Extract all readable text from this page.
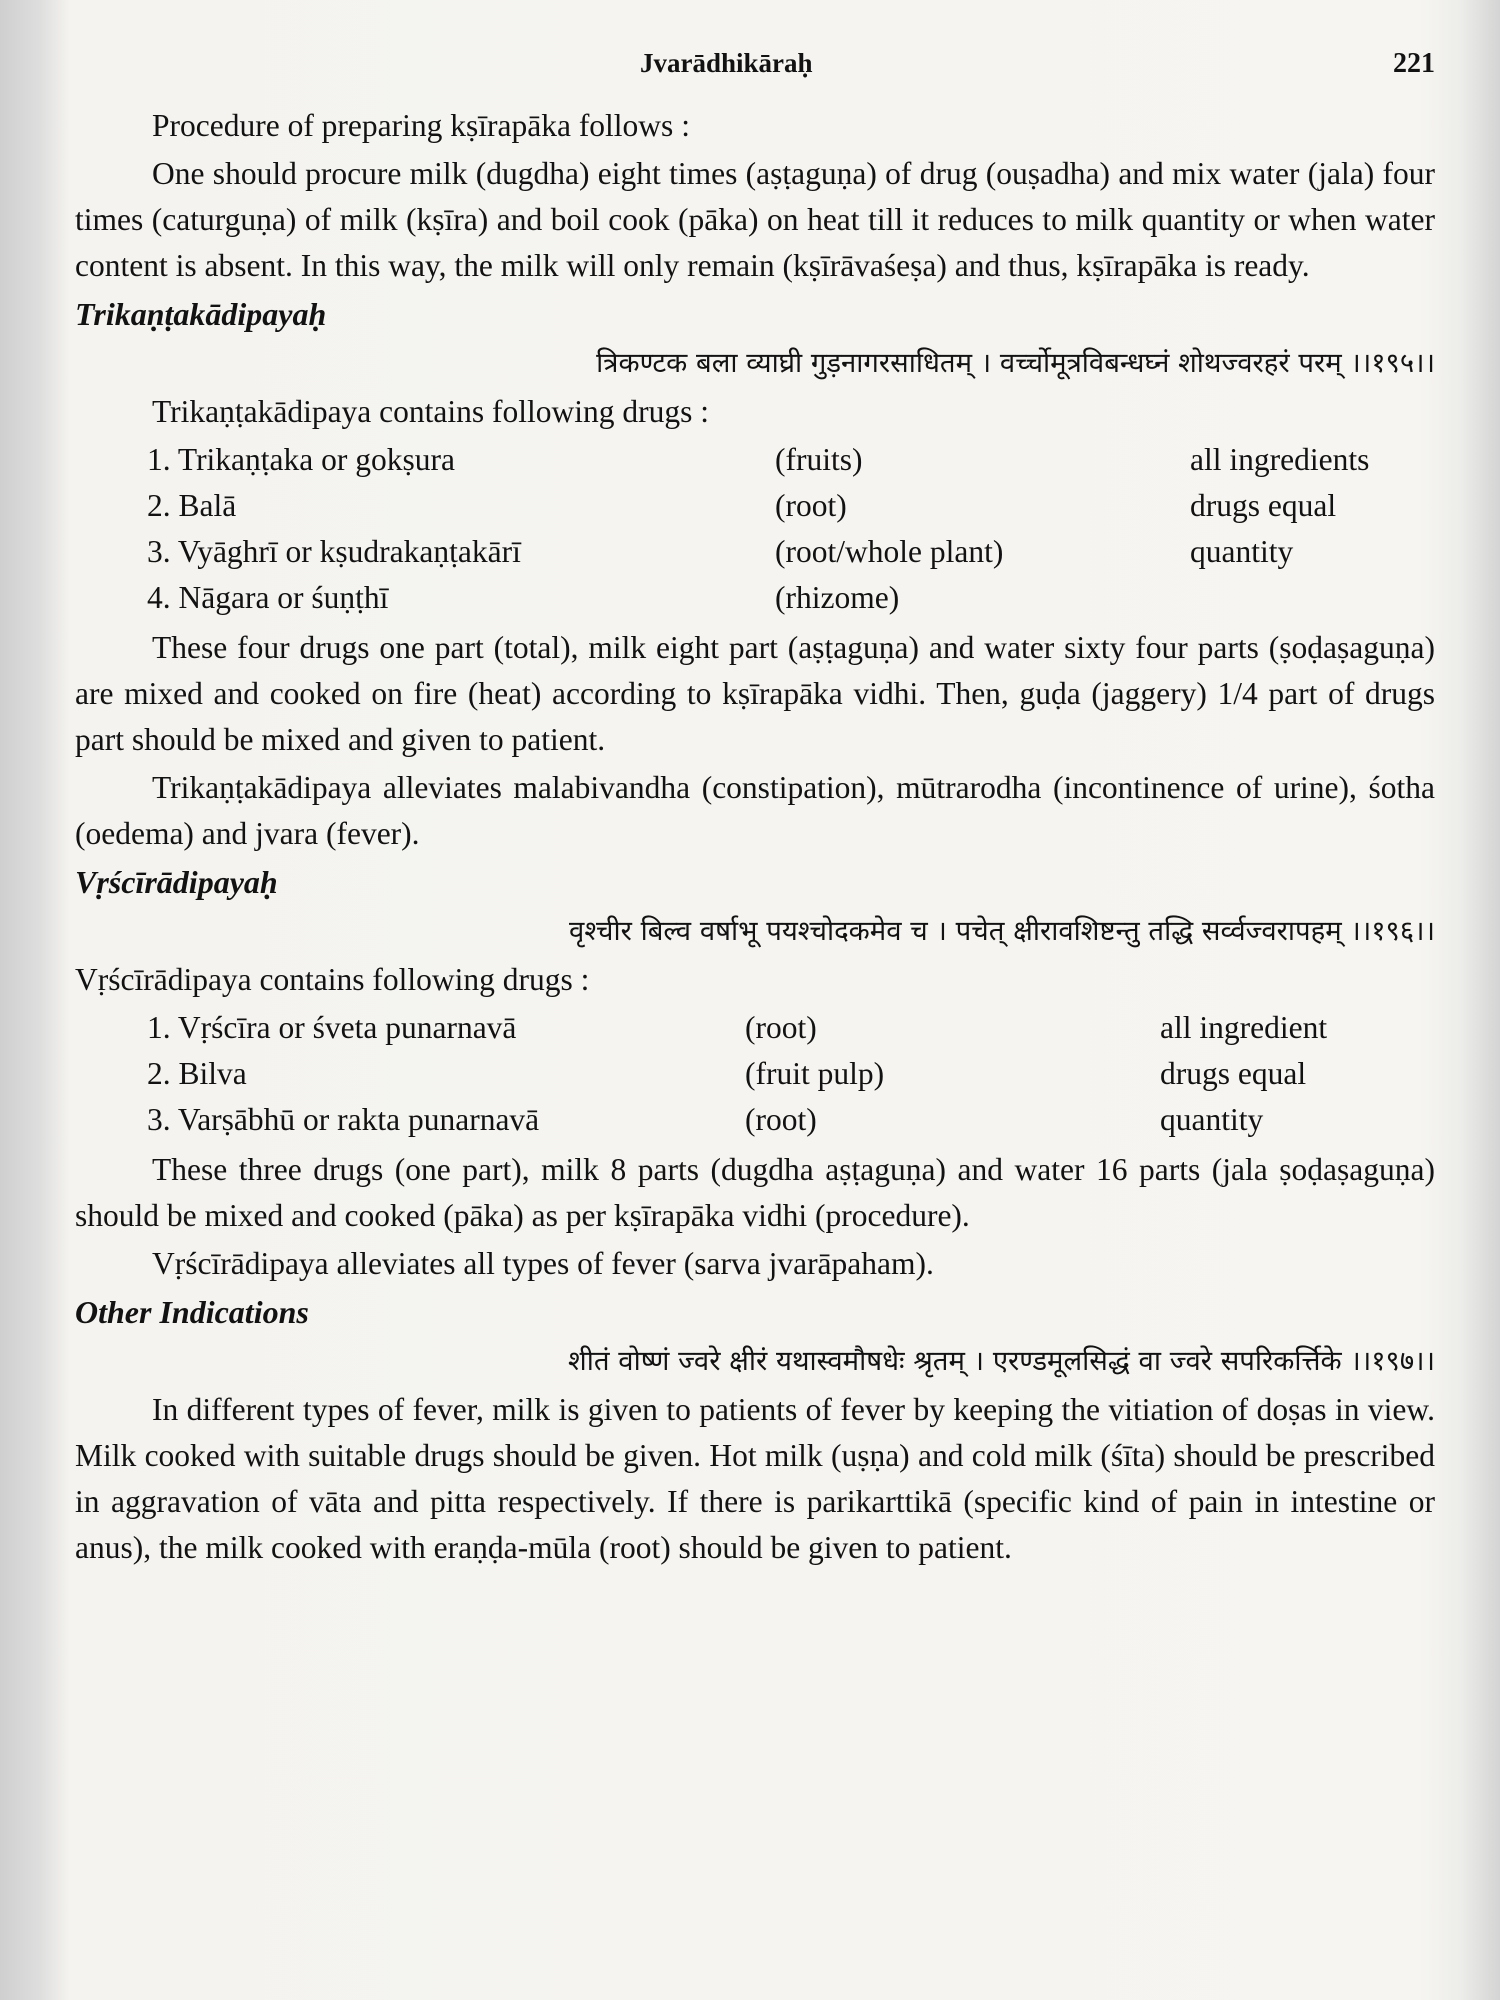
Jvarādhikāraḥ	221

Procedure of preparing kṣīrapāka follows :

One should procure milk (dugdha) eight times (aṣṭaguṇa) of drug (ouṣadha) and mix water (jala) four times (caturguṇa) of milk (kṣīra) and boil cook (pāka) on heat till it reduces to milk quantity or when water content is absent. In this way, the milk will only remain (kṣīrāvaśeṣa) and thus, kṣīrapāka is ready.

Trikaṇṭakādipayaḥ
त्रिकण्टक बला व्याघ्री गुड़नागरसाधितम् । वर्च्चोमूत्रविबन्धघ्नं शोथज्वरहरं परम् ।।१९५।।

Trikaṇṭakādipaya contains following drugs :

1. Trikaṇṭaka or gokṣura	(fruits)	all ingredients
2. Balā	(root)	drugs equal
3. Vyāghrī or kṣudrakaṇṭakārī	(root/whole plant)	quantity
4. Nāgara or śuṇṭhī	(rhizome)

These four drugs one part (total), milk eight part (aṣṭaguṇa) and water sixty four parts (ṣoḍaṣaguṇa) are mixed and cooked on fire (heat) according to kṣīrapāka vidhi. Then, guḍa (jaggery) 1/4 part of drugs part should be mixed and given to patient.

Trikaṇṭakādipaya alleviates malabivandha (constipation), mūtrarodha (incontinence of urine), śotha (oedema) and jvara (fever).

Vṛścīrādipayaḥ
वृश्चीर बिल्व वर्षाभू पयश्चोदकमेव च । पचेत् क्षीरावशिष्टन्तु तद्धि सर्व्वज्वरापहम् ।।१९६।।

Vṛścīrādipaya contains following drugs :

1. Vṛścīra or śveta punarnavā	(root)	all ingredient
2. Bilva	(fruit pulp)	drugs equal
3. Varṣābhū or rakta punarnavā	(root)	quantity

These three drugs (one part), milk 8 parts (dugdha aṣṭaguṇa) and water 16 parts (jala ṣoḍaṣaguṇa) should be mixed and cooked (pāka) as per kṣīrapāka vidhi (procedure).

Vṛścīrādipaya alleviates all types of fever (sarva jvarāpaham).

Other Indications
शीतं वोष्णं ज्वरे क्षीरं यथास्वमौषधेः श्रृतम् । एरण्डमूलसिद्धं वा ज्वरे सपरिकर्त्तिके ।।१९७।।

In different types of fever, milk is given to patients of fever by keeping the vitiation of doṣas in view. Milk cooked with suitable drugs should be given. Hot milk (uṣṇa) and cold milk (śīta) should be prescribed in aggravation of vāta and pitta respectively. If there is parikarttikā (specific kind of pain in intestine or anus), the milk cooked with eraṇḍa-mūla (root) should be given to patient.
